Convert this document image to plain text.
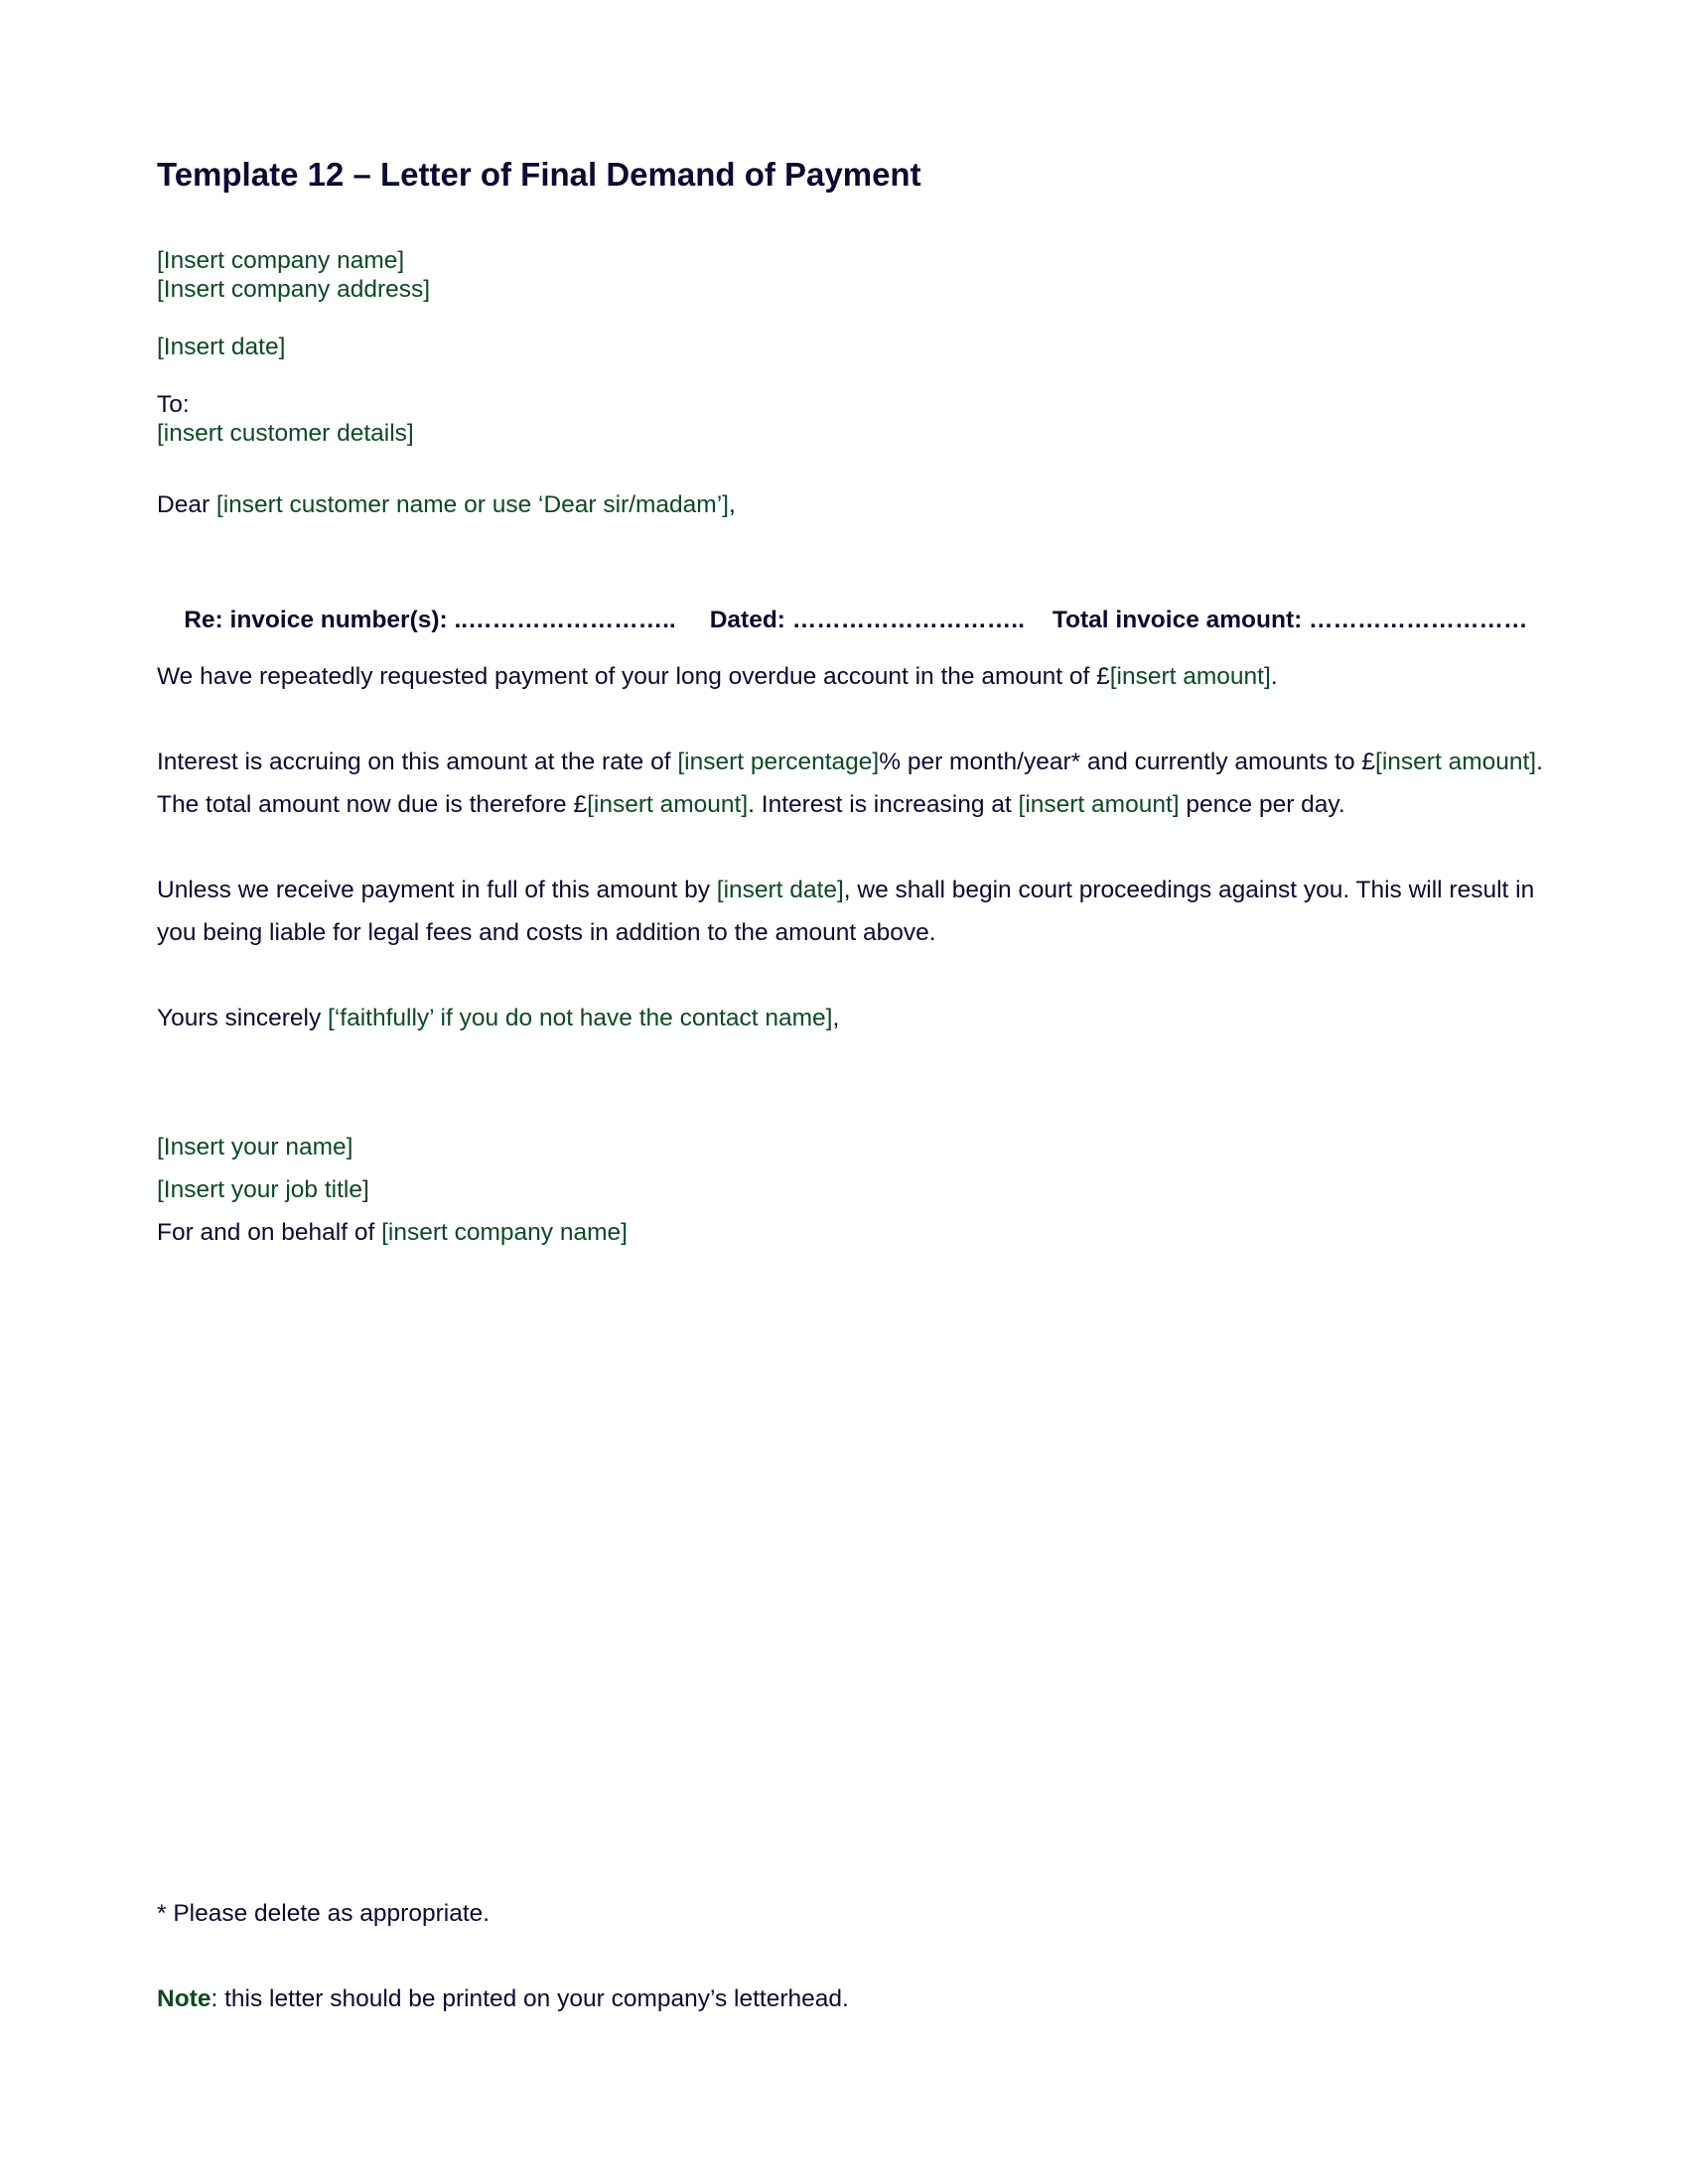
Template 12 – Letter of Final Demand of Payment
[Insert company name]
[Insert company address]
[Insert date]
To:
[insert customer details]
Dear [insert customer name or use ‘Dear sir/madam’],

Re: invoice number(s): ..…………………….. Dated: ……………………….. Total invoice amount: ………………………

We have repeatedly requested payment of your long overdue account in the amount of £[insert amount].
Interest is accruing on this amount at the rate of [insert percentage]% per month/year* and currently amounts to £[insert amount]. The total amount now due is therefore £[insert amount]. Interest is increasing at [insert amount] pence per day.
Unless we receive payment in full of this amount by [insert date], we shall begin court proceedings against you. This will result in you being liable for legal fees and costs in addition to the amount above.
Yours sincerely [‘faithfully’ if you do not have the contact name],
[Insert your name]
[Insert your job title]
For and on behalf of [insert company name]
* Please delete as appropriate.
Note: this letter should be printed on your company’s letterhead.
